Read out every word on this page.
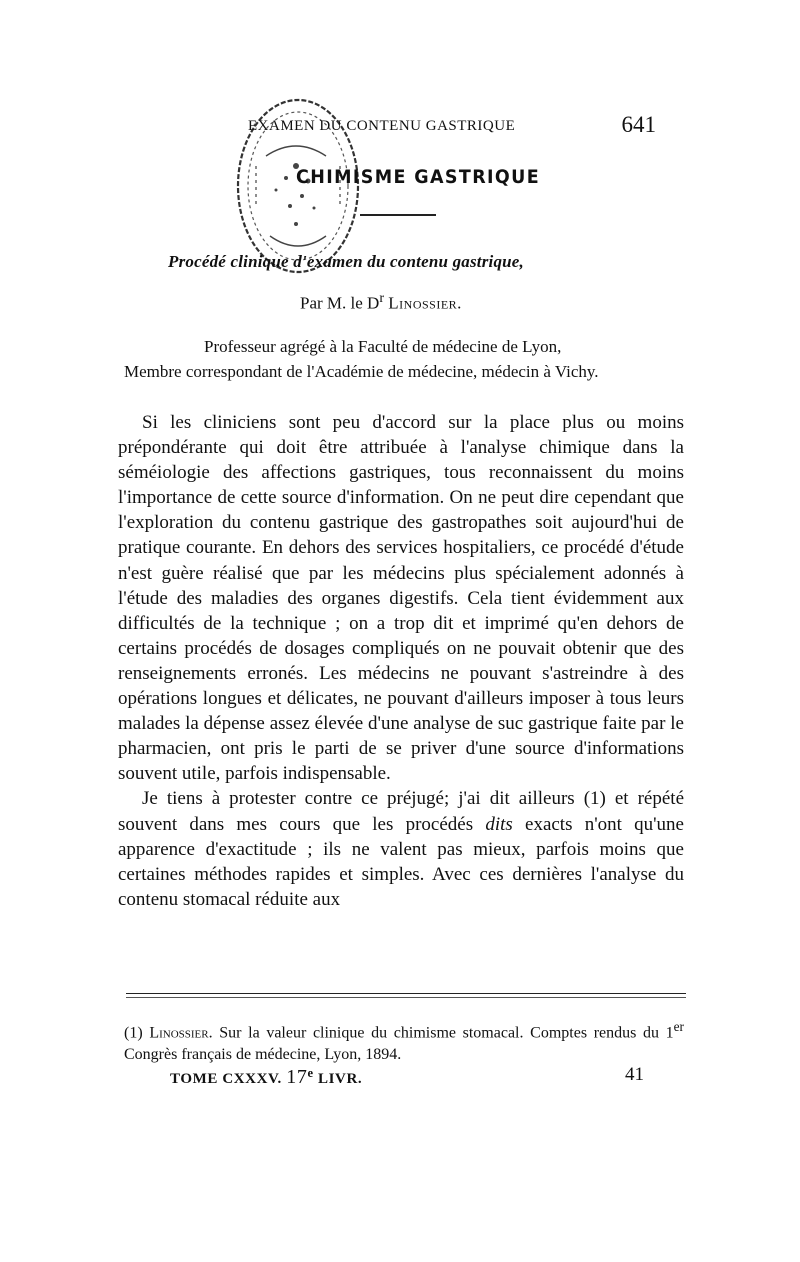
EXAMEN DU CONTENU GASTRIQUE	641
CHIMISME GASTRIQUE
Procédé clinique d'examen du contenu gastrique,
Par M. le $D^r$ Linossier.
Professeur agrégé à la Faculté de médecine de Lyon,
Membre correspondant de l'Académie de médecine, médecin à Vichy.

Si les cliniciens sont peu d'accord sur la place plus ou moins prépondérante qui doit être attribuée à l'analyse chimique dans la séméiologie des affections gastriques, tous reconnaissent du moins l'importance de cette source d'information. On ne peut dire cependant que l'exploration du contenu gastrique des gastropathes soit aujourd'hui de pratique courante. En dehors des services hospitaliers, ce procédé d'étude n'est guère réalisé que par les médecins plus spécialement adonnés à l'étude des maladies des organes digestifs. Cela tient évidemment aux difficultés de la technique ; on a trop dit et imprimé qu'en dehors de certains procédés de dosages compliqués on ne pouvait obtenir que des renseignements erronés. Les médecins ne pouvant s'astreindre à des opérations longues et délicates, ne pouvant d'ailleurs imposer à tous leurs malades la dépense assez élevée d'une analyse de suc gastrique faite par le pharmacien, ont pris le parti de se priver d'une source d'informations souvent utile, parfois indispensable.

Je tiens à protester contre ce préjugé; j'ai dit ailleurs (1) et répété souvent dans mes cours que les procédés dits exacts n'ont qu'une apparence d'exactitude ; ils ne valent pas mieux, parfois moins que certaines méthodes rapides et simples. Avec ces dernières l'analyse du contenu stomacal réduite aux

(1) Linossier. Sur la valeur clinique du chimisme stomacal. Comptes rendus du 1er Congrès français de médecine, Lyon, 1894.
TOME CXXXV. 17e LIVR.	41
